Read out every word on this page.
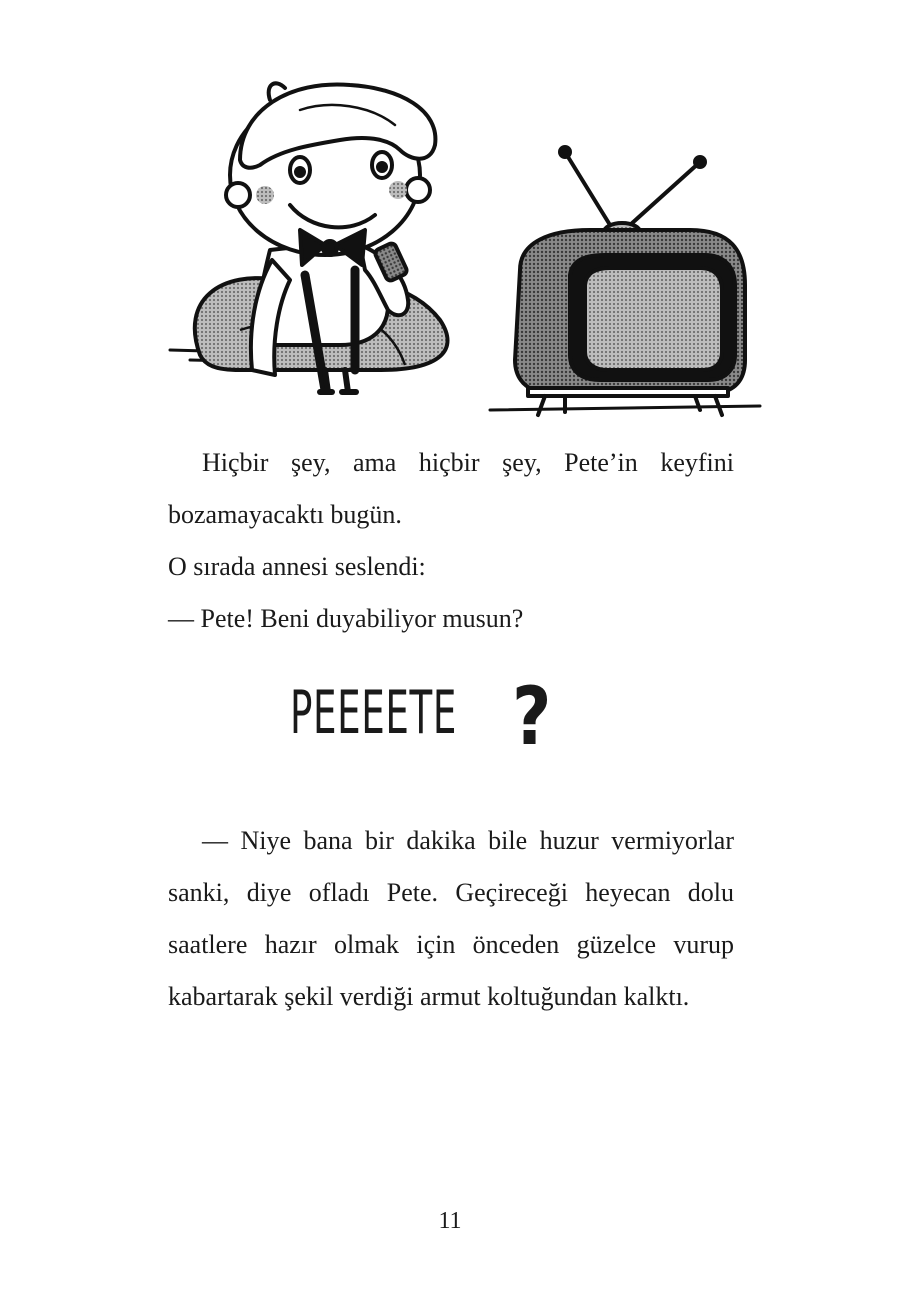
Hiçbir şey, ama hiçbir şey, Pete’in keyfini bozamayacaktı bugün.

O sırada annesi seslendi:

— Pete! Beni duyabiliyor musun?

PEEEETE ?

— Niye bana bir dakika bile huzur vermiyorlar sanki, diye ofladı Pete. Geçireceği heyecan dolu saatlere hazır olmak için önceden güzelce vurup kabartarak şekil verdiği armut koltuğundan kalktı.

11
